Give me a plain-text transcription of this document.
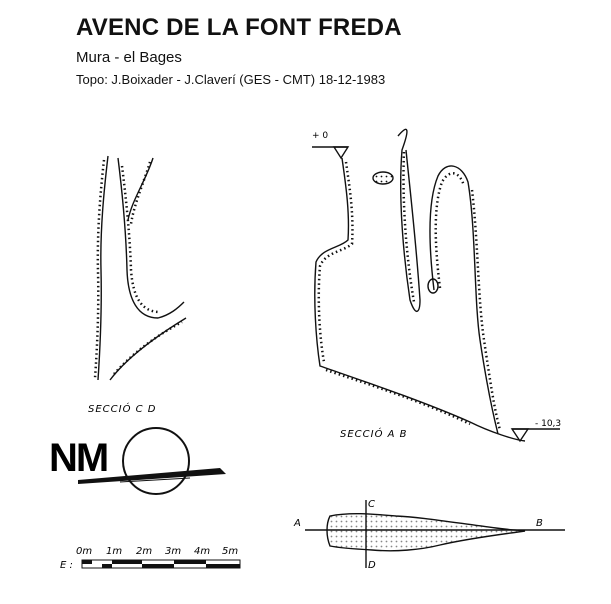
AVENC DE LA FONT FREDA
Mura - el Bages
Topo: J.Boixader - J.Claverí (GES - CMT) 18-12-1983
SECCIÓ C D
+ 0
- 10,3
SECCIÓ A B
NM
A	B
C
D
E :
0m 1m 2m 3m 4m 5m
